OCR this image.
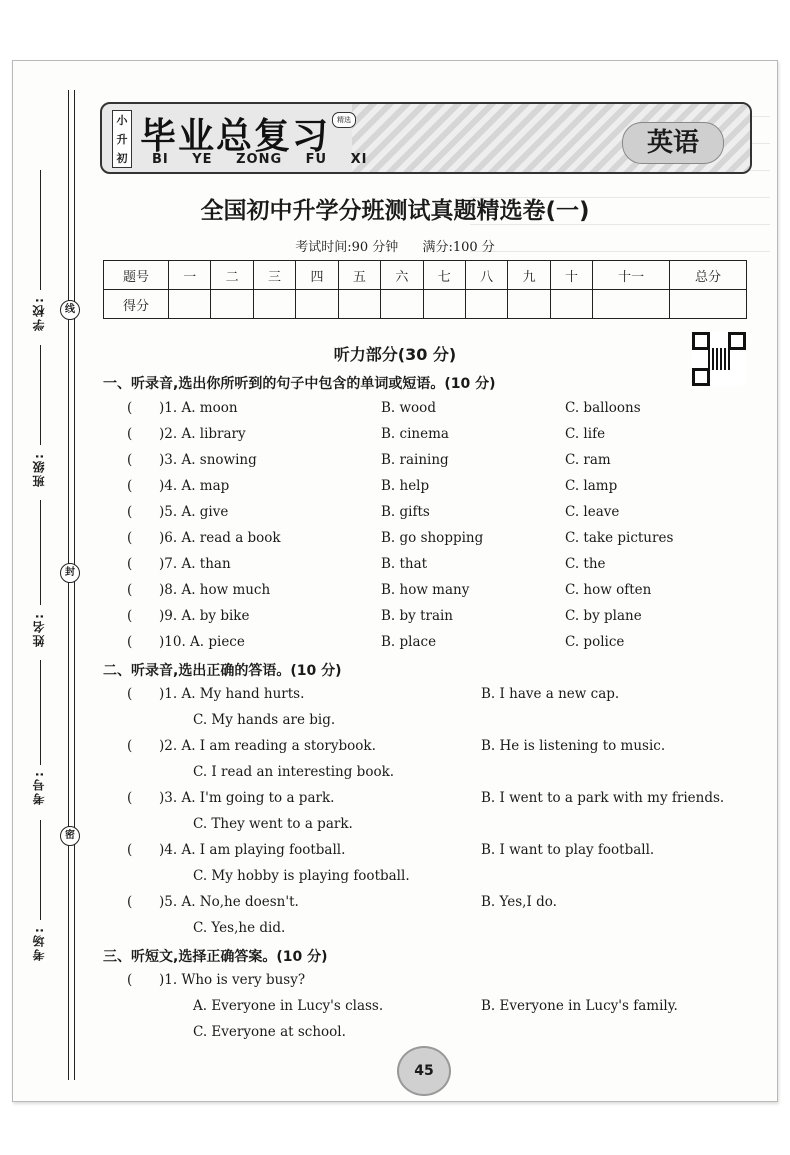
学校:
班级:
姓名:
考号:
考场:
线
封
密
小
升
初
毕业总复习 精选
BI YE ZONG FU XI
英语
全国初中升学分班测试真题精选卷(一)
考试时间:90 分钟 满分:100 分
题号	一	二	三	四	五	六	七	八	九	十	十一	总分
得分												
听力部分(30 分)
一、听录音,选出你所听到的句子中包含的单词或短语。(10 分)
( )1. A. moon	B. wood	C. balloons
( )2. A. library	B. cinema	C. life
( )3. A. snowing	B. raining	C. ram
( )4. A. map	B. help	C. lamp
( )5. A. give	B. gifts	C. leave
( )6. A. read a book	B. go shopping	C. take pictures
( )7. A. than	B. that	C. the
( )8. A. how much	B. how many	C. how often
( )9. A. by bike	B. by train	C. by plane
( )10. A. piece	B. place	C. police
二、听录音,选出正确的答语。(10 分)
( )1. A. My hand hurts.	B. I have a new cap.
C. My hands are big.
( )2. A. I am reading a storybook.	B. He is listening to music.
C. I read an interesting book.
( )3. A. I'm going to a park.	B. I went to a park with my friends.
C. They went to a park.
( )4. A. I am playing football.	B. I want to play football.
C. My hobby is playing football.
( )5. A. No,he doesn't.	B. Yes,I do.
C. Yes,he did.
三、听短文,选择正确答案。(10 分)
( )1. Who is very busy?
A. Everyone in Lucy's class.	B. Everyone in Lucy's family.
C. Everyone at school.
45
